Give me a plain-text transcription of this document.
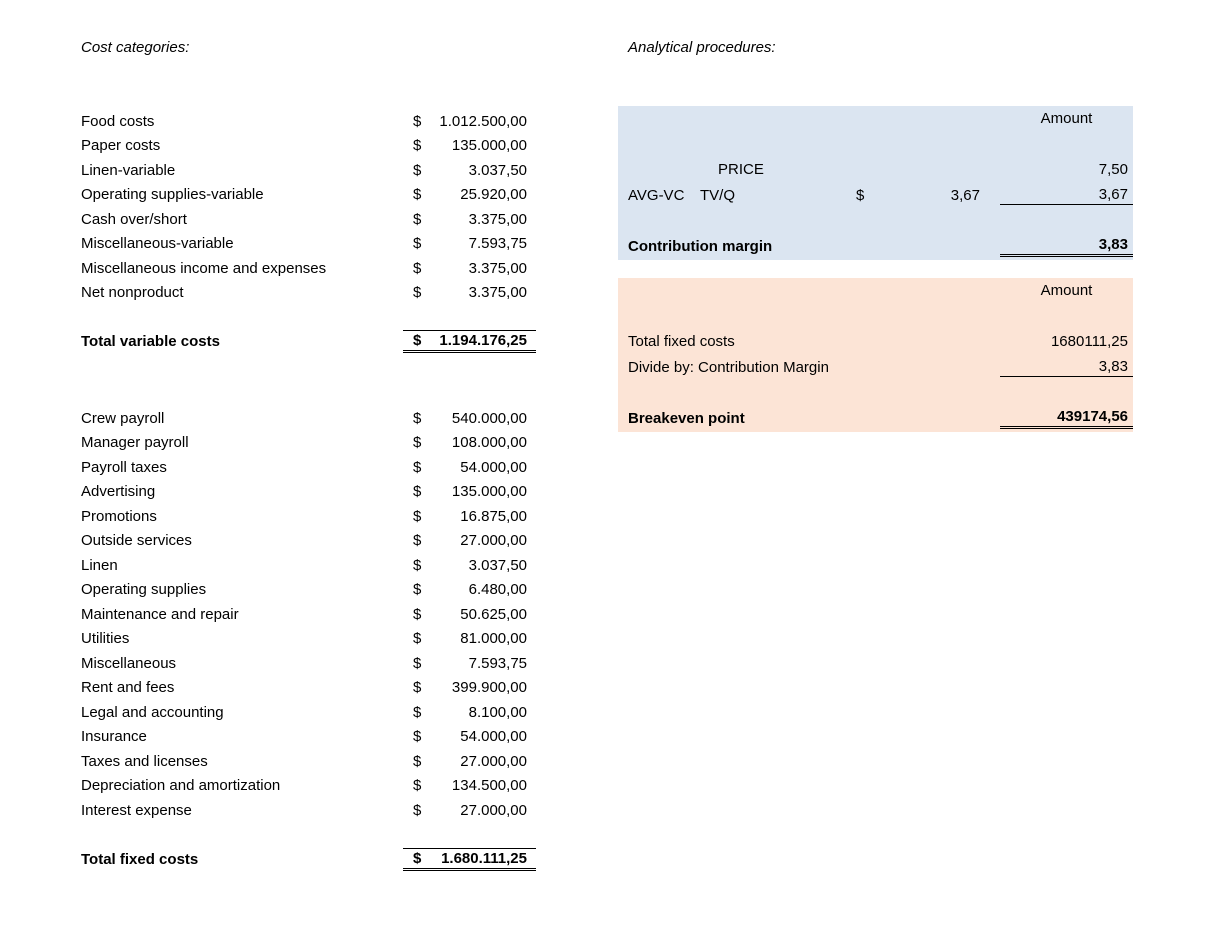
Cost categories:	Analytical procedures:
Food costs	$ 1.012.500,00
Paper costs	$ 135.000,00
Linen-variable	$	3.037,50
Operating supplies-variable	$	25.920,00
Cash over/short	$	3.375,00
Miscellaneous-variable	$	7.593,75
Miscellaneous income and expenses	$	3.375,00
Net nonproduct	$	3.375,00
Total variable costs	$ 1.194.176,25
Crew payroll	$ 540.000,00
Manager payroll	$ 108.000,00
Payroll taxes	$	54.000,00
Advertising	$ 135.000,00
Promotions	$	16.875,00
Outside services	$	27.000,00
Linen	$	3.037,50
Operating supplies	$	6.480,00
Maintenance and repair	$	50.625,00
Utilities	$	81.000,00
Miscellaneous	$	7.593,75
Rent and fees	$ 399.900,00
Legal and accounting	$	8.100,00
Insurance	$	54.000,00
Taxes and licenses	$	27.000,00
Depreciation and amortization	$ 134.500,00
Interest expense	$	27.000,00
Total fixed costs	$ 1.680.111,25
Amount
PRICE	7,50
AVG-VC	TV/Q	$	3,67	3,67
Contribution margin	3,83
Amount
Total fixed costs	1680111,25
Divide by: Contribution Margin	3,83
Breakeven point	439174,56
